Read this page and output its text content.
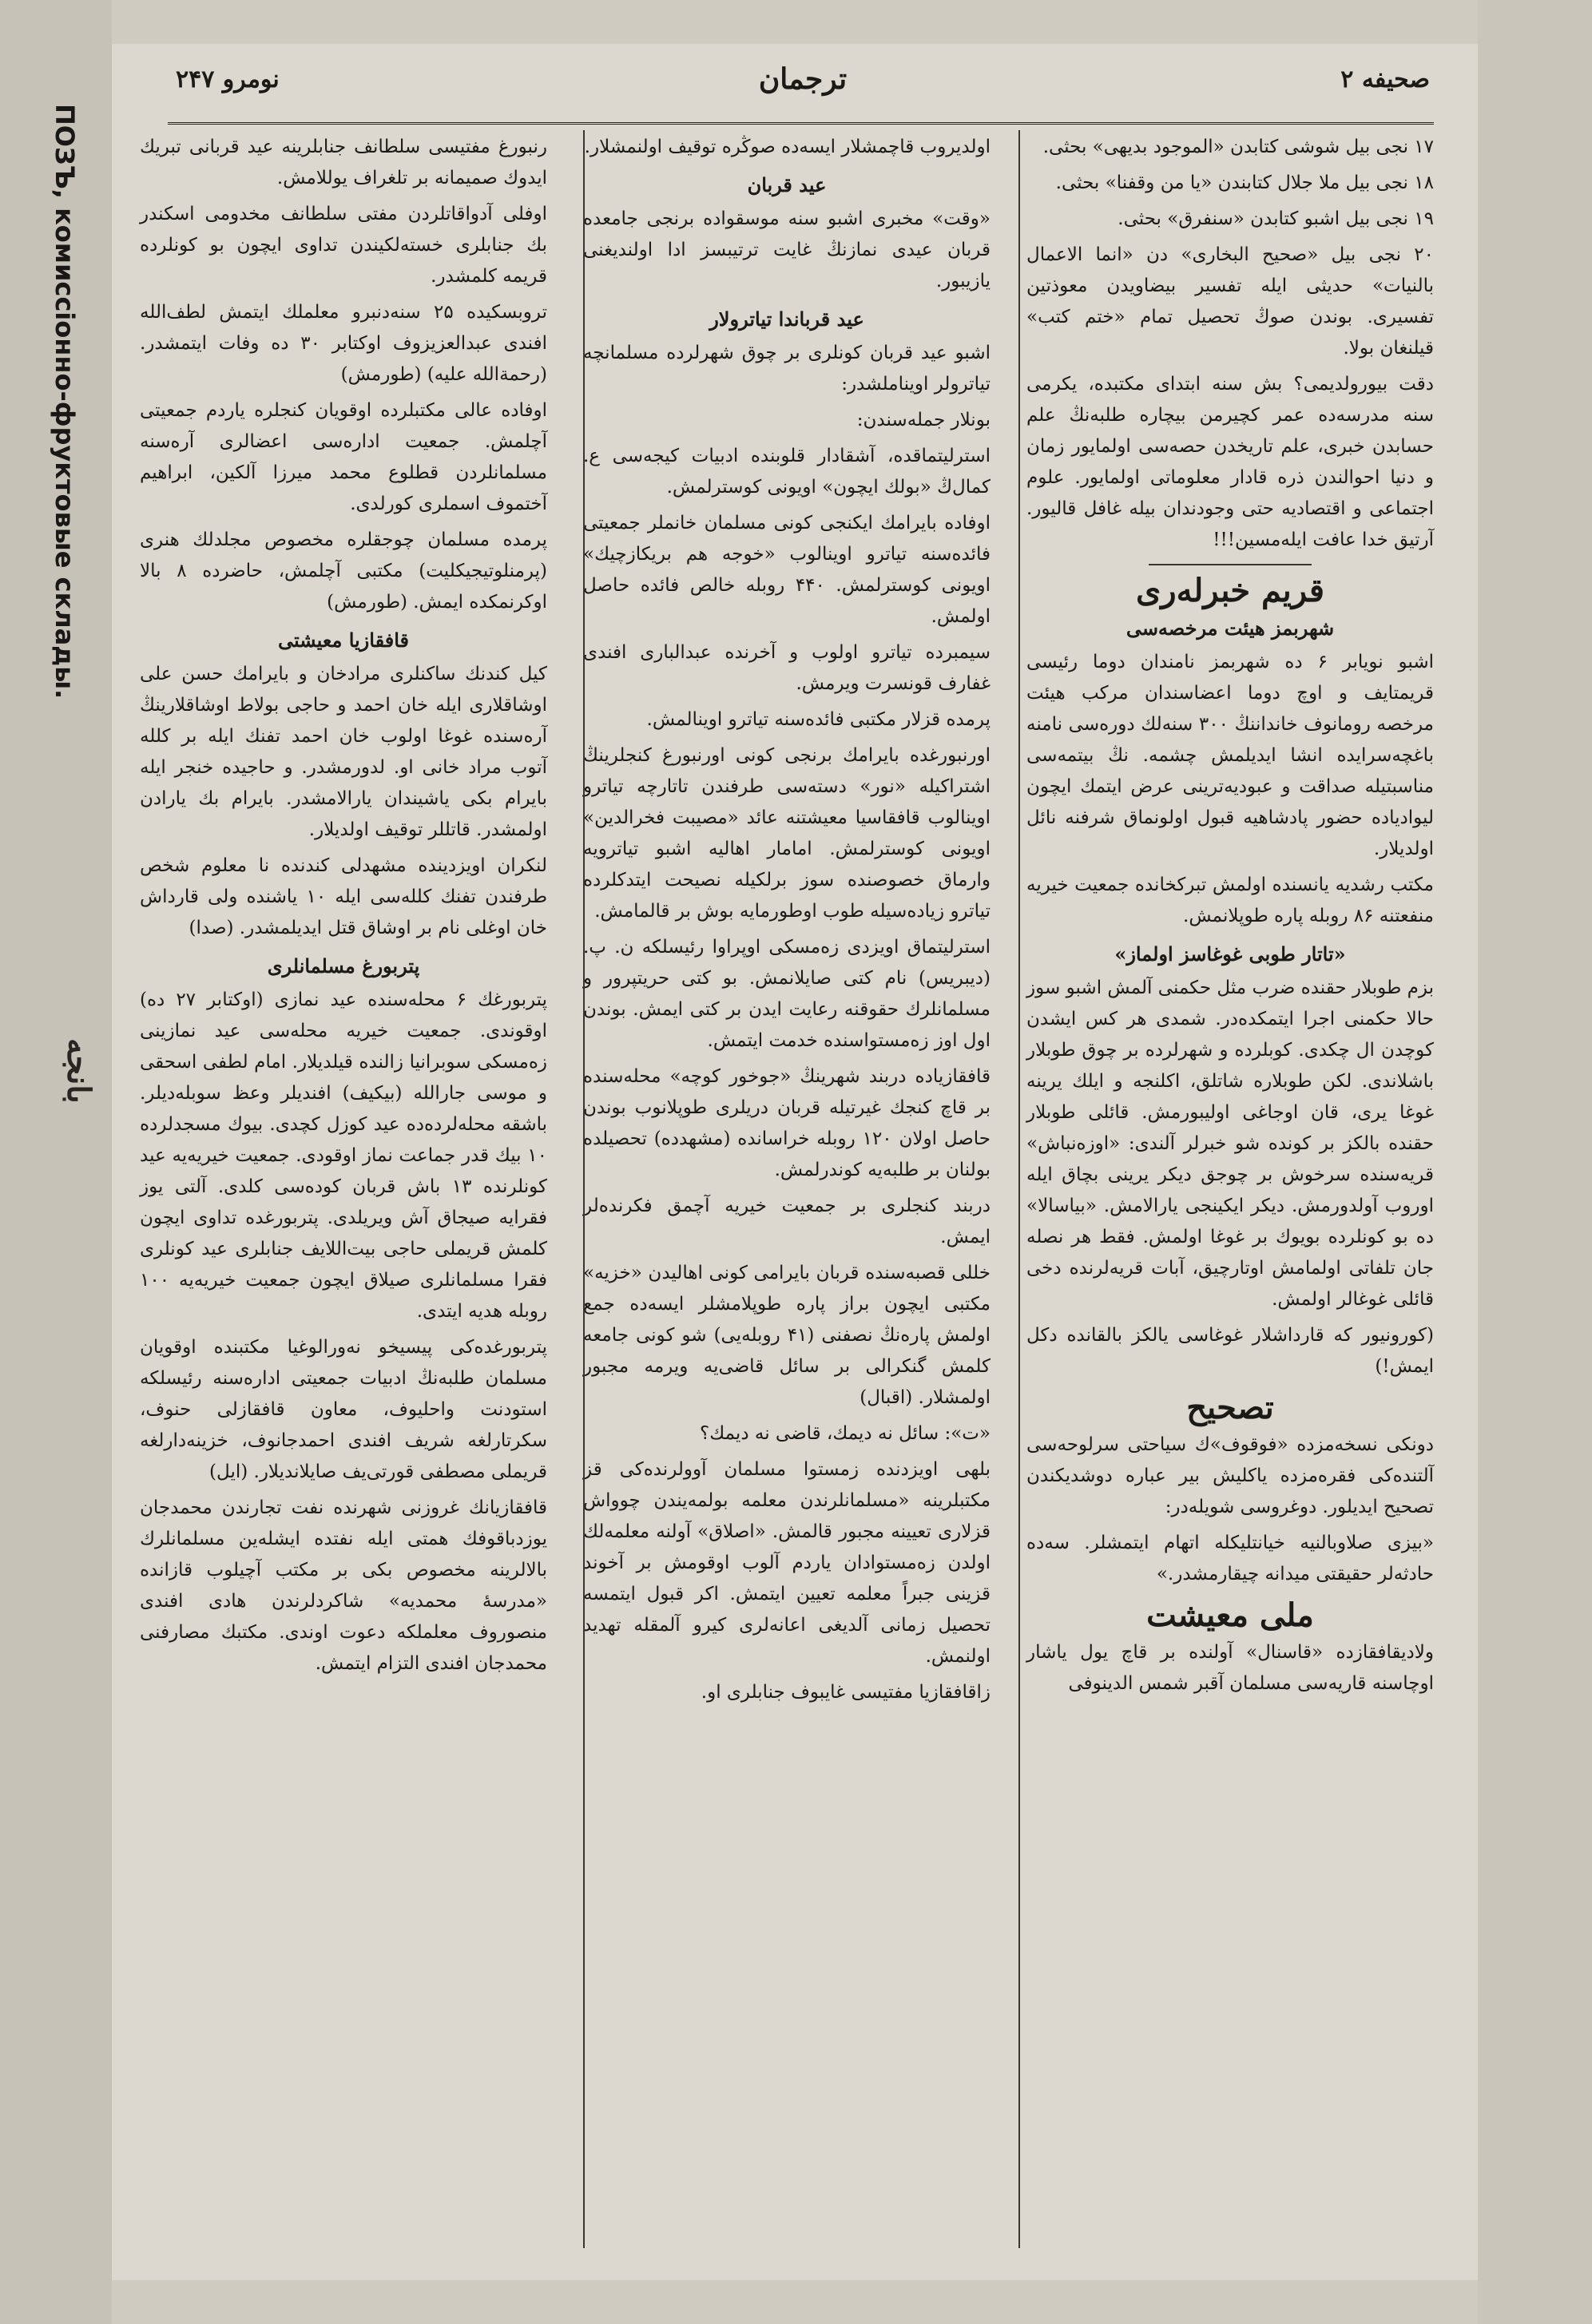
ПОЗЪ, комиссіонно-фруктовые склады.
بانجه
صحیفه ۲
ترجمان
نومرو ۲۴۷

۱۷ نجی بیل شوشی کتابدن «الموجود بدیهی» بحثی.

۱۸ نجی بیل ملا جلال کتابندن «یا من وقفنا» بحثی.

۱۹ نجی بیل اشبو کتابدن «سنفرق» بحثی.

۲۰ نجی بیل «صحیح البخاری» دن «انما الاعمال بالنیات» حدیثی ایله تفسیر بیضاویدن معوذتین تفسیری. بوندن صوڭ تحصیل تمام «ختم کتب» قیلنغان بولا.

دقت بیورولدیمی؟ بش سنه ابتدای مکتبده، یکرمی سنه مدرسه‌ده عمر کچیرمن بیچاره طلبه‌نڭ علم حسابدن خبری، علم تاریخدن حصه‌سی اولمایور زمان و دنیا احوالندن ذره قادار معلوماتی اولمایور. علوم اجتماعی و اقتصادیه حتی وجودندان بیله غافل قالیور. آرتیق خدا عافت ایله‌مسین!!!

قریم خبرله‌ری
شهربمز هیئت مرخصه‌سی

اشبو نویابر ۶ ده شهربمز نامندان دوما رئیسی قریمتایف و اوچ دوما اعضاسندان مرکب هیئت مرخصه رومانوف خانداننڭ ۳۰۰ سنه‌لك دوره‌سی نامنه باغچه‌سرایده انشا ایدیلمش چشمه. نڭ بیتمه‌سی مناسبتیله صداقت و عبودیه‌ترینی عرض ایتمك ایچون لیوادیاده حضور پادشاهیه قبول اولونماق شرفنه نائل اولدیلار.

مکتب رشدیه یانسنده اولمش تبرکخانده جمعیت خیریه منفعتنه ۸۶ روبله پاره طوپلانمش.

«تاتار طوبی غوغاسز اولماز»

بزم طوبلار حقنده ضرب مثل حکمنی آلمش اشبو سوز حالا حکمنی اجرا ایتمکده‌در. شمدی هر کس ایشدن کوچدن ال چکدی. کوبلرده و شهرلرده بر چوق طوبلار باشلاندی. لکن طوبلاره شاتلق، اکلنجه و ایلك یرینه غوغا یری، قان اوجاغی اولیبورمش. قائلی طوبلار حقنده بالکز بر کونده شو خبرلر آلندی: «اوزه‌نباش» قریه‌سنده سرخوش بر چوجق دیکر یرینی بچاق ایله اوروب آولدورمش. دیکر ایکینجی یارالامش. «بیاسالا» ده بو کونلرده بویوك بر غوغا اولمش. فقط هر نصله جان تلفاتی اولمامش اوتارچیق، آبات قریه‌لرنده دخی قائلی غوغالر اولمش.

(کورونیور که قارداشلار غوغاسی یالکز بالقانده دکل ایمش!)

تصحیح

دونکی نسخه‌مزده «فوقوف»ك سیاحتی سرلوحه‌سی آلتنده‌کی فقره‌مزده یاکلیش بیر عباره دوشدیکندن تصحیح ایدیلور. دوغروسی شویله‌در:

«بیزی صلاوبالنیه خیانتلیکله اتهام ایتمشلر. سه‌ده حادثه‌لر حقیقتی میدانه چیقارمشدر.»

ملی معیشت

ولادیقافقازده «قاسنال» آولنده بر قاچ یول یاشار اوچاسنه قاریه‌سی مسلمان آقبر شمس الدینوفی

اولدیروب قاچمشلار ایسه‌ده صوڭره توقیف اولنمشلار.

عید قربان

«وقت» مخبری اشبو سنه موسقواده برنجی جامعده قربان عیدی نمازنڭ غایت ترتیبسز ادا اولندیغنی یازیبور.

عید قرباندا تیاترولار

اشبو عید قربان کونلری بر چوق شهرلرده مسلمانچه تیاترولر اویناملشدر:

بونلار جمله‌سندن:

استرلیتماقده، آشقادار قلوبنده ادبیات کیجه‌سی ع. کمال‌ڭ «بولك ایچون» اویونی کوسترلمش.

اوفاده بایرامك ایکنجی کونی مسلمان خانملر جمعیتی فائده‌سنه تیاترو اوینالوب «خوجه هم بریکازچیك» اویونی کوسترلمش. ۴۴۰ روبله خالص فائده حاصل اولمش.

سیمبرده تیاترو اولوب و آخرنده عبدالباری افندی غفارف قونسرت ویرمش.

پرمده قزلار مکتبی فائده‌سنه تیاترو اوینالمش.

اورنبورغده بایرامك برنجی کونی اورنبورغ کنجلرینڭ اشتراکیله «نور» دسته‌سی طرفندن تاتارچه تیاترو اوینالوب قافقاسیا معیشتنه عائد «مصیبت فخرالدین» اویونی کوسترلمش. امامار اهالیه اشبو تیاترویه وارماق خصوصنده سوز برلکیله نصیحت ایتدکلرده تیاترو زیاده‌سیله طوب اوطورمایه بوش بر قالمامش.

استرلیتماق اویزدی زه‌مسکی اوپراوا رئیسلکه ن. پ. (دیبریس) نام کتی صایلانمش. بو کتی حریتپرور و مسلمانلرك حقوقنه رعایت ایدن بر کتی ایمش. بوندن اول اوز زه‌مستواسنده خدمت ایتمش.

قافقازیاده دربند شهرینڭ «جوخور کوچه» محله‌سنده بر قاچ کنجك غیرتیله قربان دریلری طوپلانوب بوندن حاصل اولان ۱۲۰ روبله خراسانده (مشهدده) تحصیلده بولنان بر طلبه‌یه کوندرلمش.

دربند کنجلری بر جمعیت خیریه آچمق فکرنده‌لر ایمش.

خللی قصبه‌سنده قربان بایرامی کونی اهالیدن «خزیه» مکتبی ایچون براز پاره طوپلامشلر ایسه‌ده جمع اولمش پاره‌نڭ نصفنی (۴۱ روبله‌یی) شو کونی جامعه کلمش گنکرالی بر سائل قاضی‌یه ویرمه مجبور اولمشلار. (اقبال)

«ت»: سائل نه دیمك، قاضی نه دیمك؟

بلهی اویزدنده زمستوا مسلمان آوولرنده‌کی قز مکتبلرینه «مسلمانلرندن معلمه بولمه‌یندن چوواش قزلاری تعیینه مجبور قالمش. «اصلاق» آولنه معلمه‌لك اولدن زه‌مستوادان یاردم آلوب اوقومش بر آخوند قزینی جبراً معلمه تعیین ایتمش. اکر قبول ایتمسه تحصیل زمانی آلدیغی اعانه‌لری کیرو آلمقله تهدید اولنمش.

زاقافقازیا مفتیسی غایبوف جنابلری او.

رنبورغ مفتیسی سلطانف جنابلرینه عید قربانی تبریك ایدوك صمیمانه بر تلغراف یوللامش.

اوفلی آدواقاتلردن مفتی سلطانف مخدومی اسکندر بك جنابلری خسته‌لکیندن تداوی ایچون بو کونلرده قریمه کلمشدر.

تروبسکیده ۲۵ سنه‌دنبرو معلملك ایتمش لطف‌الله افندی عبدالعزیزوف اوکتابر ۳۰ ده وفات ایتمشدر. (رحمة‌الله علیه) (طورمش)

اوفاده عالی مکتبلرده اوقویان کنجلره یاردم جمعیتی آچلمش. جمعیت اداره‌سی اعضالری آره‌سنه مسلمانلردن قطلوع محمد میرزا آلکین، ابراهیم آختموف اسملری کورلدی.

پرمده مسلمان چوجقلره مخصوص مجلدلك هنری (پرمنلوتیجیکلیت) مکتبی آچلمش، حاضرده ۸ بالا اوکرنمکده ایمش. (طورمش)

قافقازیا معیشتی

کیل کندنك ساکنلری مرادخان و بایرامك حسن علی اوشاقلاری ایله خان احمد و حاجی بولاط اوشاقلارینڭ آره‌سنده غوغا اولوب خان احمد تفنك ایله بر کلله آتوب مراد خانی او. لدورمشدر. و حاجیده خنجر ایله بایرام بکی یاشیندان یارالامشدر. بایرام بك یارادن اولمشدر. قاتللر توقیف اولدیلار.

لنکران اویزدینده مشهدلی کندنده نا معلوم شخص طرفندن تفنك کلله‌سی ایله ۱۰ یاشنده ولی قارداش خان اوغلی نام بر اوشاق قتل ایدیلمشدر. (صدا)

پتربورغ مسلمانلری

پتربورغك ۶ محله‌سنده عید نمازی (اوکتابر ۲۷ ده) اوقوندی. جمعیت خیریه محله‌سی عید نمازینی زه‌مسکی سوبرانیا زالنده قیلدیلار. امام لطفی اسحقی و موسی جارالله (بیکیف) افندیلر وعظ سوبله‌دیلر. باشقه محله‌لرده‌ده عید کوزل کچدی. بیوك مسجدلرده ۱۰ بیك قدر جماعت نماز اوقودی. جمعیت خیریه‌یه عید کونلرنده ۱۳ باش قربان کوده‌سی کلدی. آلتی یوز فقرایه صیجاق آش ویریلدی. پتربورغده تداوی ایچون کلمش قریملی حاجی بیت‌اللایف جنابلری عید کونلری فقرا مسلمانلری صیلاق ایچون جمعیت خیریه‌یه ۱۰۰ روبله هدیه ایتدی.

پتربورغده‌کی پیسیخو نه‌ورالوغیا مکتبنده اوقویان مسلمان طلبه‌نڭ ادبیات جمعیتی اداره‌سنه رئیسلکه استودنت واحلیوف، معاون قافقازلی حنوف، سکرتارلغه شریف افندی احمدجانوف، خزینه‌دارلغه قریملی مصطفی قورتی‌یف صایلاندیلار. (ایل)

قافقازیانك غروزنی شهرنده نفت تجارندن محمدجان یوزدباقوفك همتی ایله نفتده ایشله‌ین مسلمانلرك بالالرینه مخصوص بکی بر مکتب آچیلوب قازانده «مدرسهٔ محمدیه» شاکردلرندن هادی افندی منصوروف معلملکه دعوت اوندی. مکتبك مصارفنی محمدجان افندی التزام ایتمش.
